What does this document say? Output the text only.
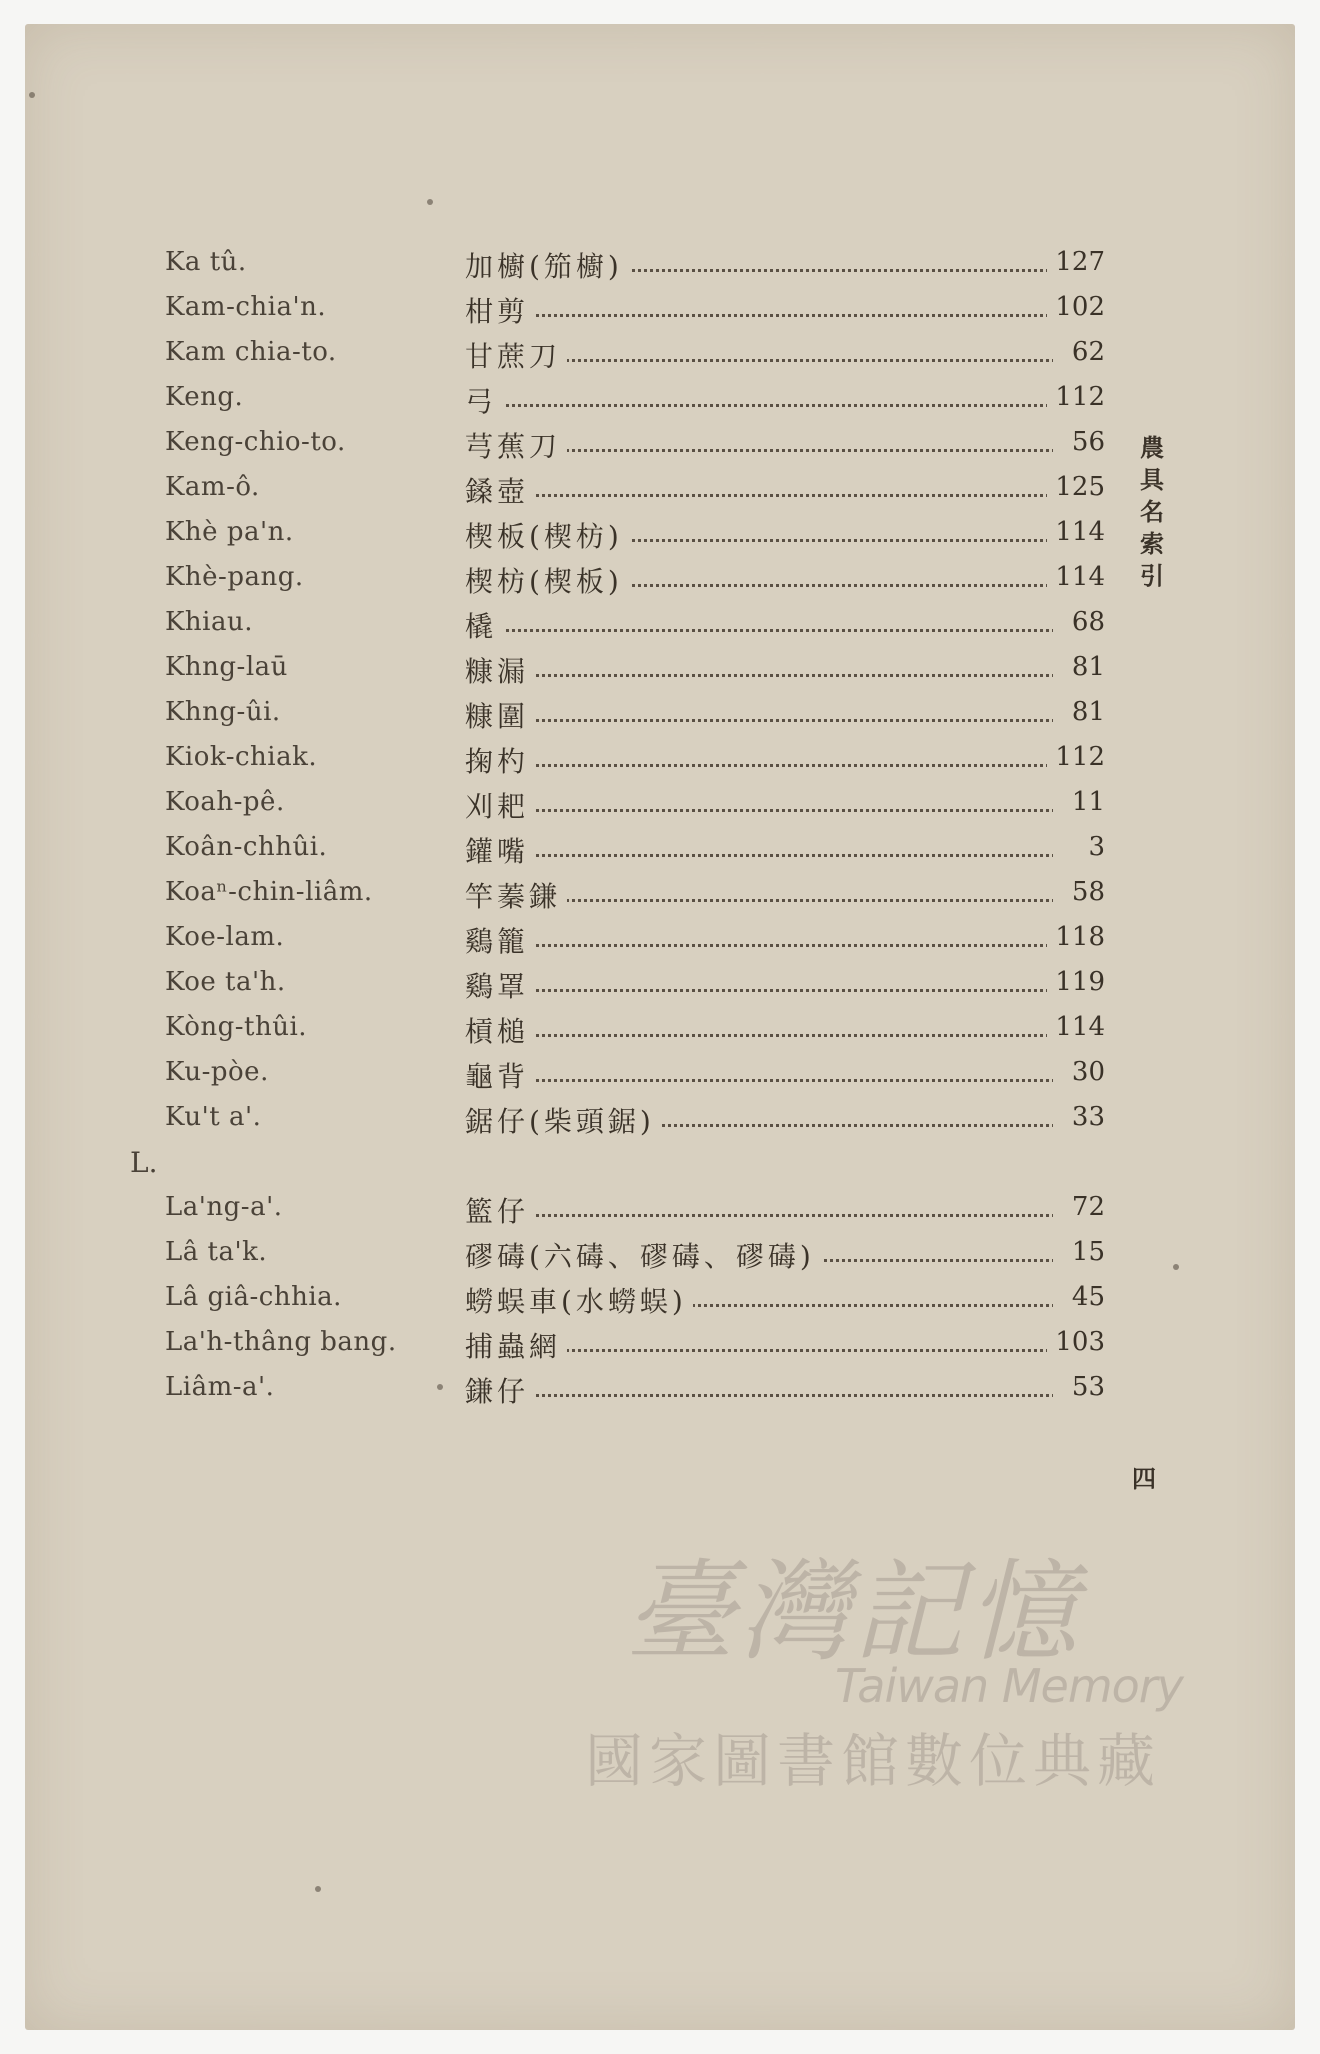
農
具
名
索
引
四
Ka tû.	加櫥(笳櫥)	127
Kam-chia'n.	柑剪	102
Kam chia-to.	甘蔗刀	62
Keng.	弓	112
Keng-chio-to.	芎蕉刀	56
Kam-ô.	鎟壺	125
Khè pa'n.	楔板(楔枋)	114
Khè-pang.	楔枋(楔板)	114
Khiau.	橇	68
Khng-laū	糠漏	81
Khng-ûi.	糠圍	81
Kiok-chiak.	掬杓	112
Koah-pê.	刈耙	11
Koân-chhûi.	鑵嘴	3
Koaⁿ-chin-liâm.	竿蓁鎌	58
Koe-lam.	鷄籠	118
Koe ta'h.	鷄罩	119
Kòng-thûi.	槓槌	114
Ku-pòe.	龜背	30
Ku't a'.	鋸仔(柴頭鋸)	33
L.
La'ng-a'.	籃仔	72
Lâ ta'k.	磟碡(六碡、磟碡、磟碡)	15
Lâ giâ-chhia.	蟧蜈車(水蟧蜈)	45
La'h-thâng bang. 捕蟲網	103
Liâm-a'.	鎌仔	53
臺灣記憶
Taiwan Memory
國家圖書館數位典藏
